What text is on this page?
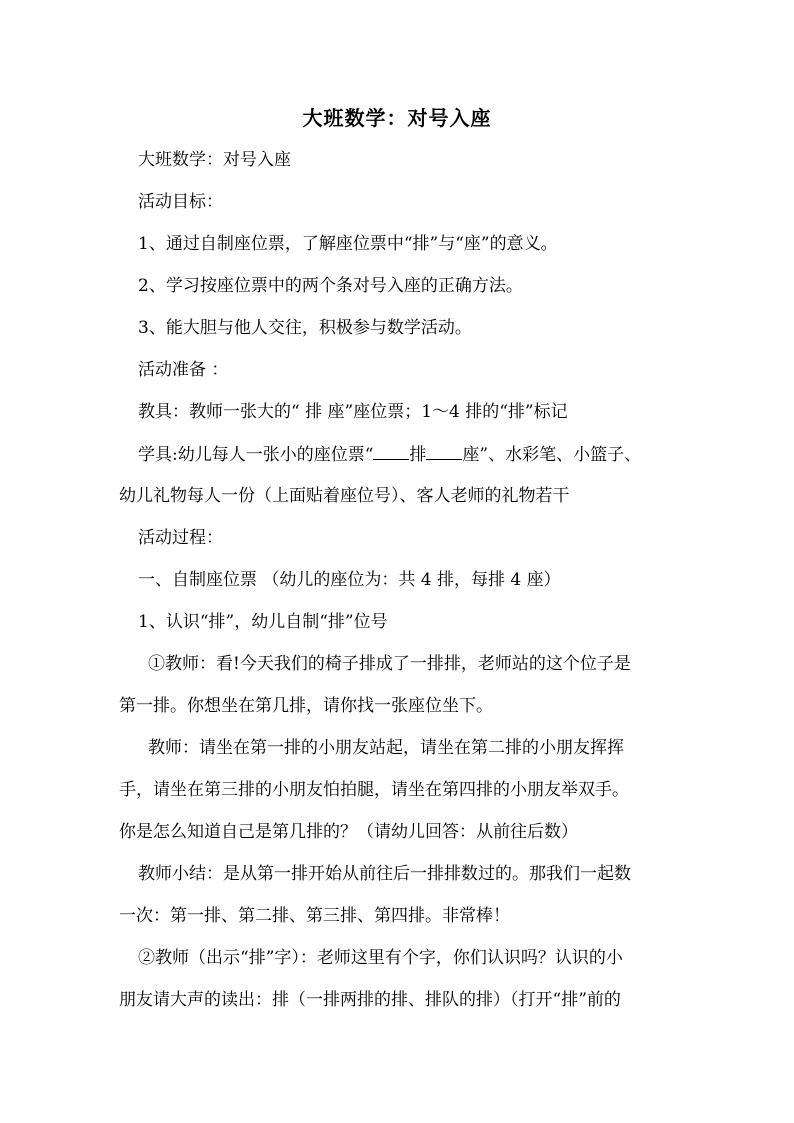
大班数学：对号入座
大班数学：对号入座
活动目标：
1、通过自制座位票，了解座位票中“排”与“座”的意义。
2、学习按座位票中的两个条对号入座的正确方法。
3、能大胆与他人交往，积极参与数学活动。
活动准备 ：
教具：教师一张大的“ 排 座”座位票；1～4 排的“排”标记
学具:幼儿每人一张小的座位票“ 排 座”、水彩笔、小篮子、
幼儿礼物每人一份（上面贴着座位号）、客人老师的礼物若干
活动过程：
一、自制座位票 （幼儿的座位为：共 4 排，每排 4 座）
1、认识“排”，幼儿自制“排”位号
①教师：看!今天我们的椅子排成了一排排，老师站的这个位子是
第一排。你想坐在第几排，请你找一张座位坐下。
教师：请坐在第一排的小朋友站起，请坐在第二排的小朋友挥挥
手，请坐在第三排的小朋友怕拍腿，请坐在第四排的小朋友举双手。
你是怎么知道自己是第几排的？（请幼儿回答：从前往后数）
教师小结：是从第一排开始从前往后一排排数过的。那我们一起数
一次：第一排、第二排、第三排、第四排。非常棒！
②教师（出示“排”字）：老师这里有个字，你们认识吗？认识的小
朋友请大声的读出：排（一排两排的排、排队的排）（打开“排”前的
